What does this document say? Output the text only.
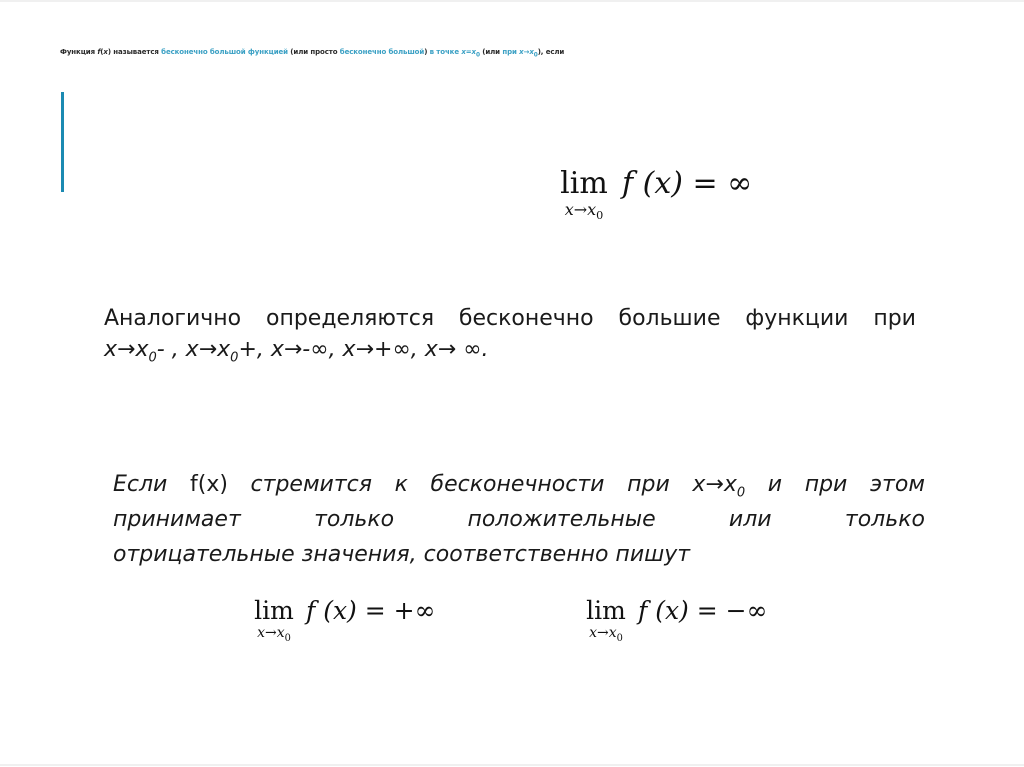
Функция f(x) называется бесконечно большой функцией (или просто бесконечно большой) в точке $x=x_0$ (или при $x\to x_0$), если
lim
$x\to x_0$
f (x) = ∞
Аналогично определяются бесконечно большие функции при
$x\to x_0-$ , $x\to x_0+$, x→-∞, x→+∞, x→ ∞.
Если f(x) стремится к бесконечности при $x\to x_0$ и при этом
принимает	только	положительные	или	только
отрицательные значения, соответственно пишут
lim
$x\to x_0$
f (x) = +∞	lim
$x\to x_0$
f (x) = −∞
